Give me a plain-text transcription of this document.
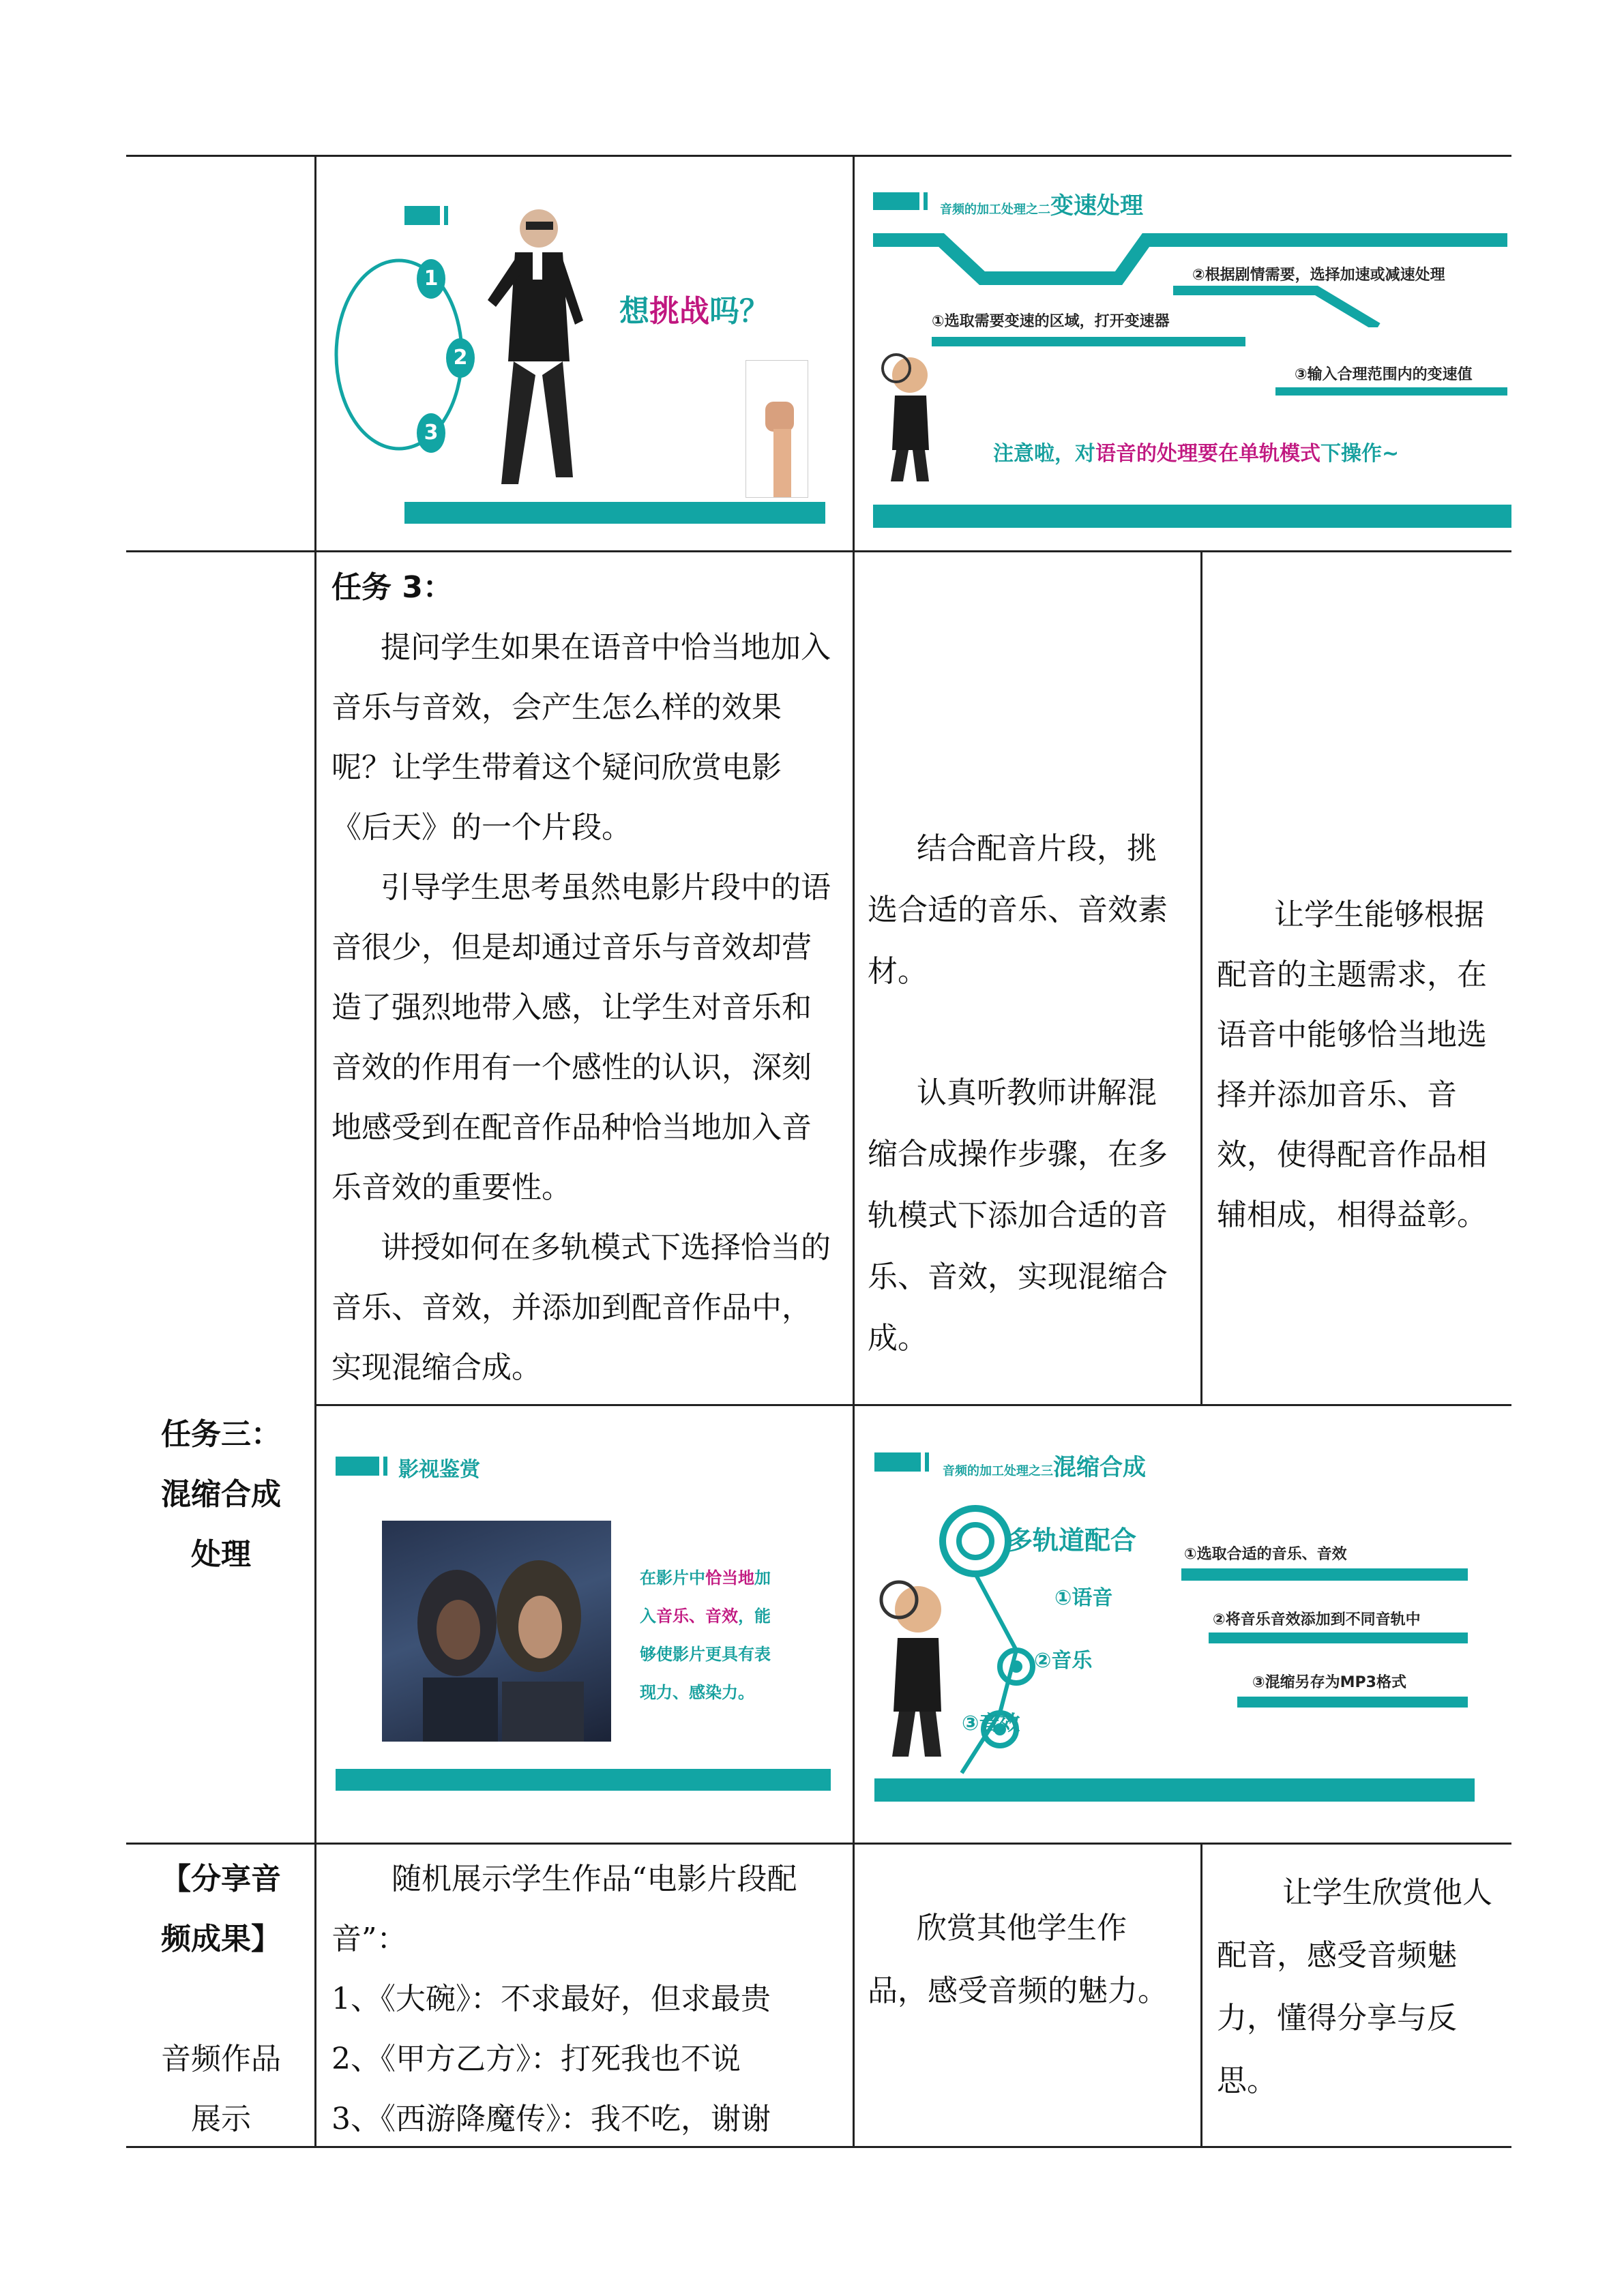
1
2
3
想挑战吗？
音频的加工处理之二变速处理
②根据剧情需要，选择加速或减速处理
①选取需要变速的区域，打开变速器
③输入合理范围内的变速值
注意啦，对语音的处理要在单轨模式下操作~

任务 3：

提问学生如果在语音中恰当地加入音乐与音效，会产生怎么样的效果呢？让学生带着这个疑问欣赏电影《后天》的一个片段。

引导学生思考虽然电影片段中的语音很少，但是却通过音乐与音效却营造了强烈地带入感，让学生对音乐和音效的作用有一个感性的认识，深刻地感受到在配音作品种恰当地加入音乐音效的重要性。

讲授如何在多轨模式下选择恰当的音乐、音效，并添加到配音作品中，实现混缩合成。

结合配音片段，挑选合适的音乐、音效素材。

认真听教师讲解混缩合成操作步骤，在多轨模式下添加合适的音乐、音效，实现混缩合成。

让学生能够根据配音的主题需求，在语音中能够恰当地选择并添加音乐、音效，使得配音作品相辅相成，相得益彰。

任务三：

混缩合成

处理

影视鉴赏
在影片中恰当地加
入音乐、音效，能
够使影片更具有表
现力、感染力。
音频的加工处理之三混缩合成
多轨道配合
①语音
②音乐
③音效
①选取合适的音乐、音效
②将音乐音效添加到不同音轨中
③混缩另存为MP3格式

【分享音

频成果】

音频作品

展示

随机展示学生作品“电影片段配音”：

1、《大碗》：不求最好，但求最贵

2、《甲方乙方》：打死我也不说

3、《西游降魔传》：我不吃，谢谢

欣赏其他学生作品，感受音频的魅力。

让学生欣赏他人配音，感受音频魅力，懂得分享与反思。
